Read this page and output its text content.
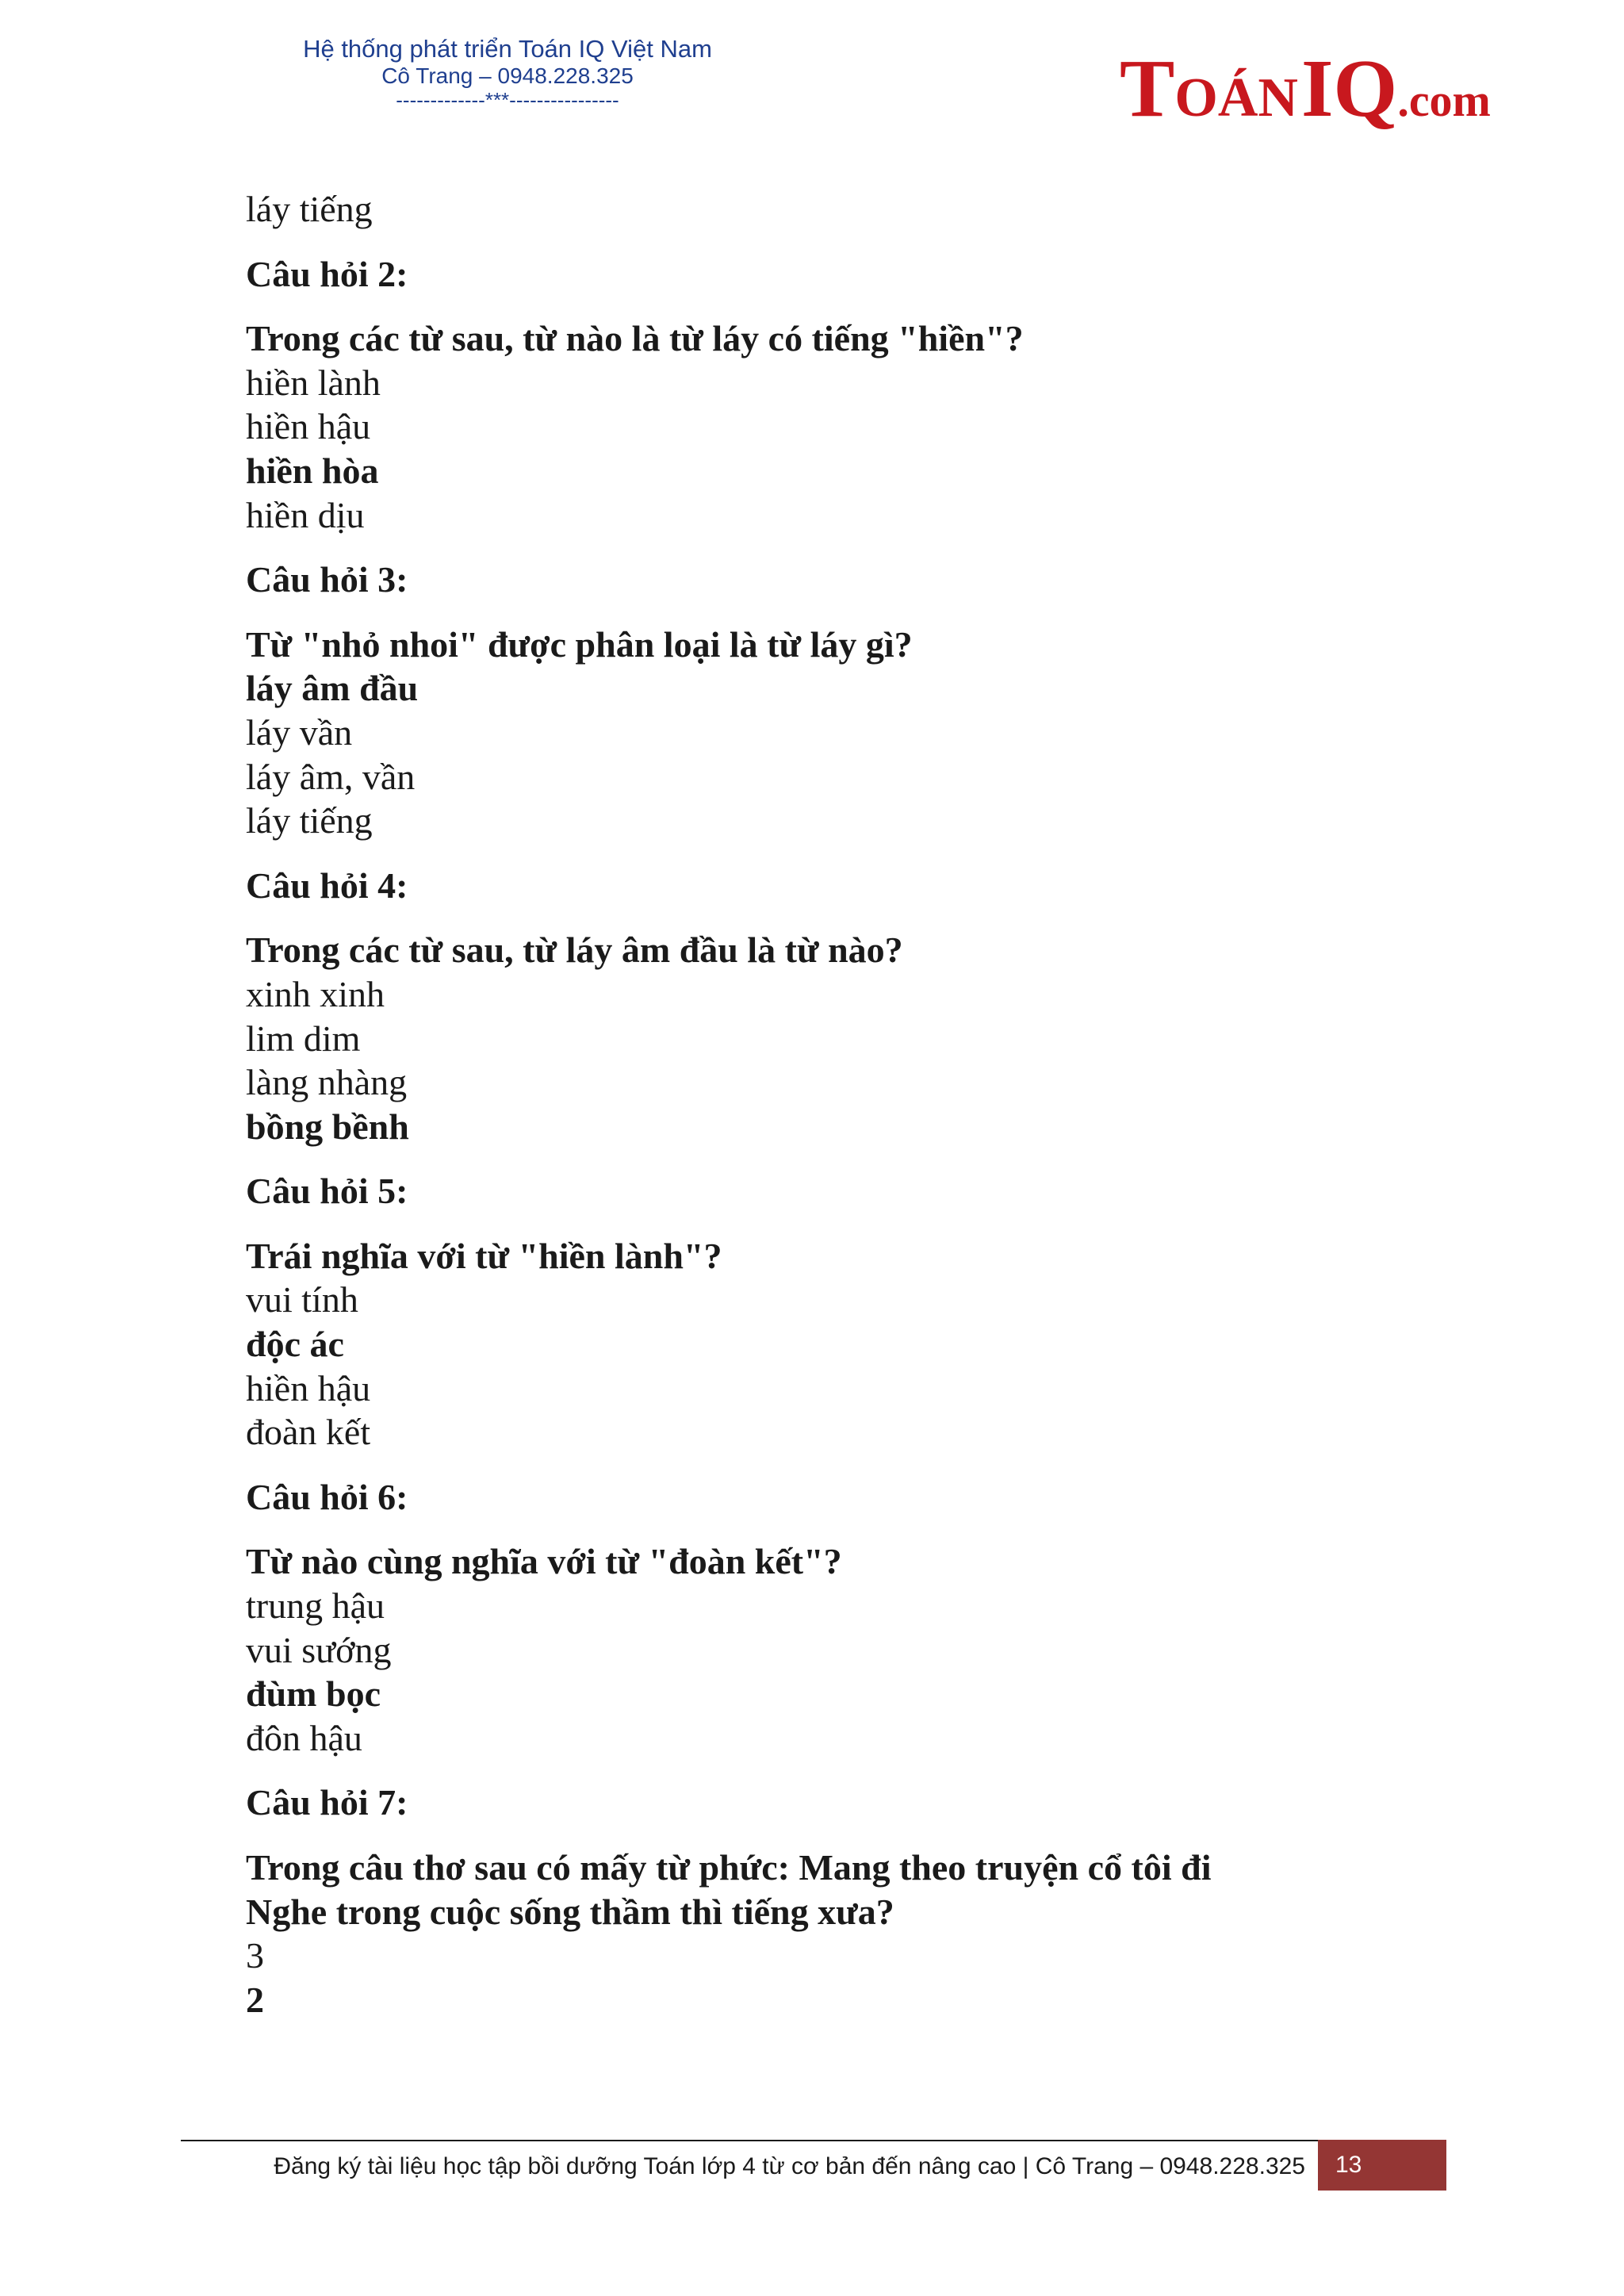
Hệ thống phát triển Toán IQ Việt Nam
Cô Trang – 0948.228.325
-------------***----------------	TOÁN IQ.com
láy tiếng
Câu hỏi 2:
Trong các từ sau, từ nào là từ láy có tiếng "hiền"?
hiền lành
hiền hậu
hiền hòa
hiền dịu
Câu hỏi 3:
Từ "nhỏ nhoi" được phân loại là từ láy gì?
láy âm đầu
láy vần
láy âm, vần
láy tiếng
Câu hỏi 4:
Trong các từ sau, từ láy âm đầu là từ nào?
xinh xinh
lim dim
làng nhàng
bồng bềnh
Câu hỏi 5:
Trái nghĩa với từ "hiền lành"?
vui tính
độc ác
hiền hậu
đoàn kết
Câu hỏi 6:
Từ nào cùng nghĩa với từ "đoàn kết"?
trung hậu
vui sướng
đùm bọc
đôn hậu
Câu hỏi 7:
Trong câu thơ sau có mấy từ phức: Mang theo truyện cổ tôi đi
Nghe trong cuộc sống thầm thì tiếng xưa?
3
2
Đăng ký tài liệu học tập bồi dưỡng Toán lớp 4 từ cơ bản đến nâng cao | Cô Trang – 0948.228.325	13
